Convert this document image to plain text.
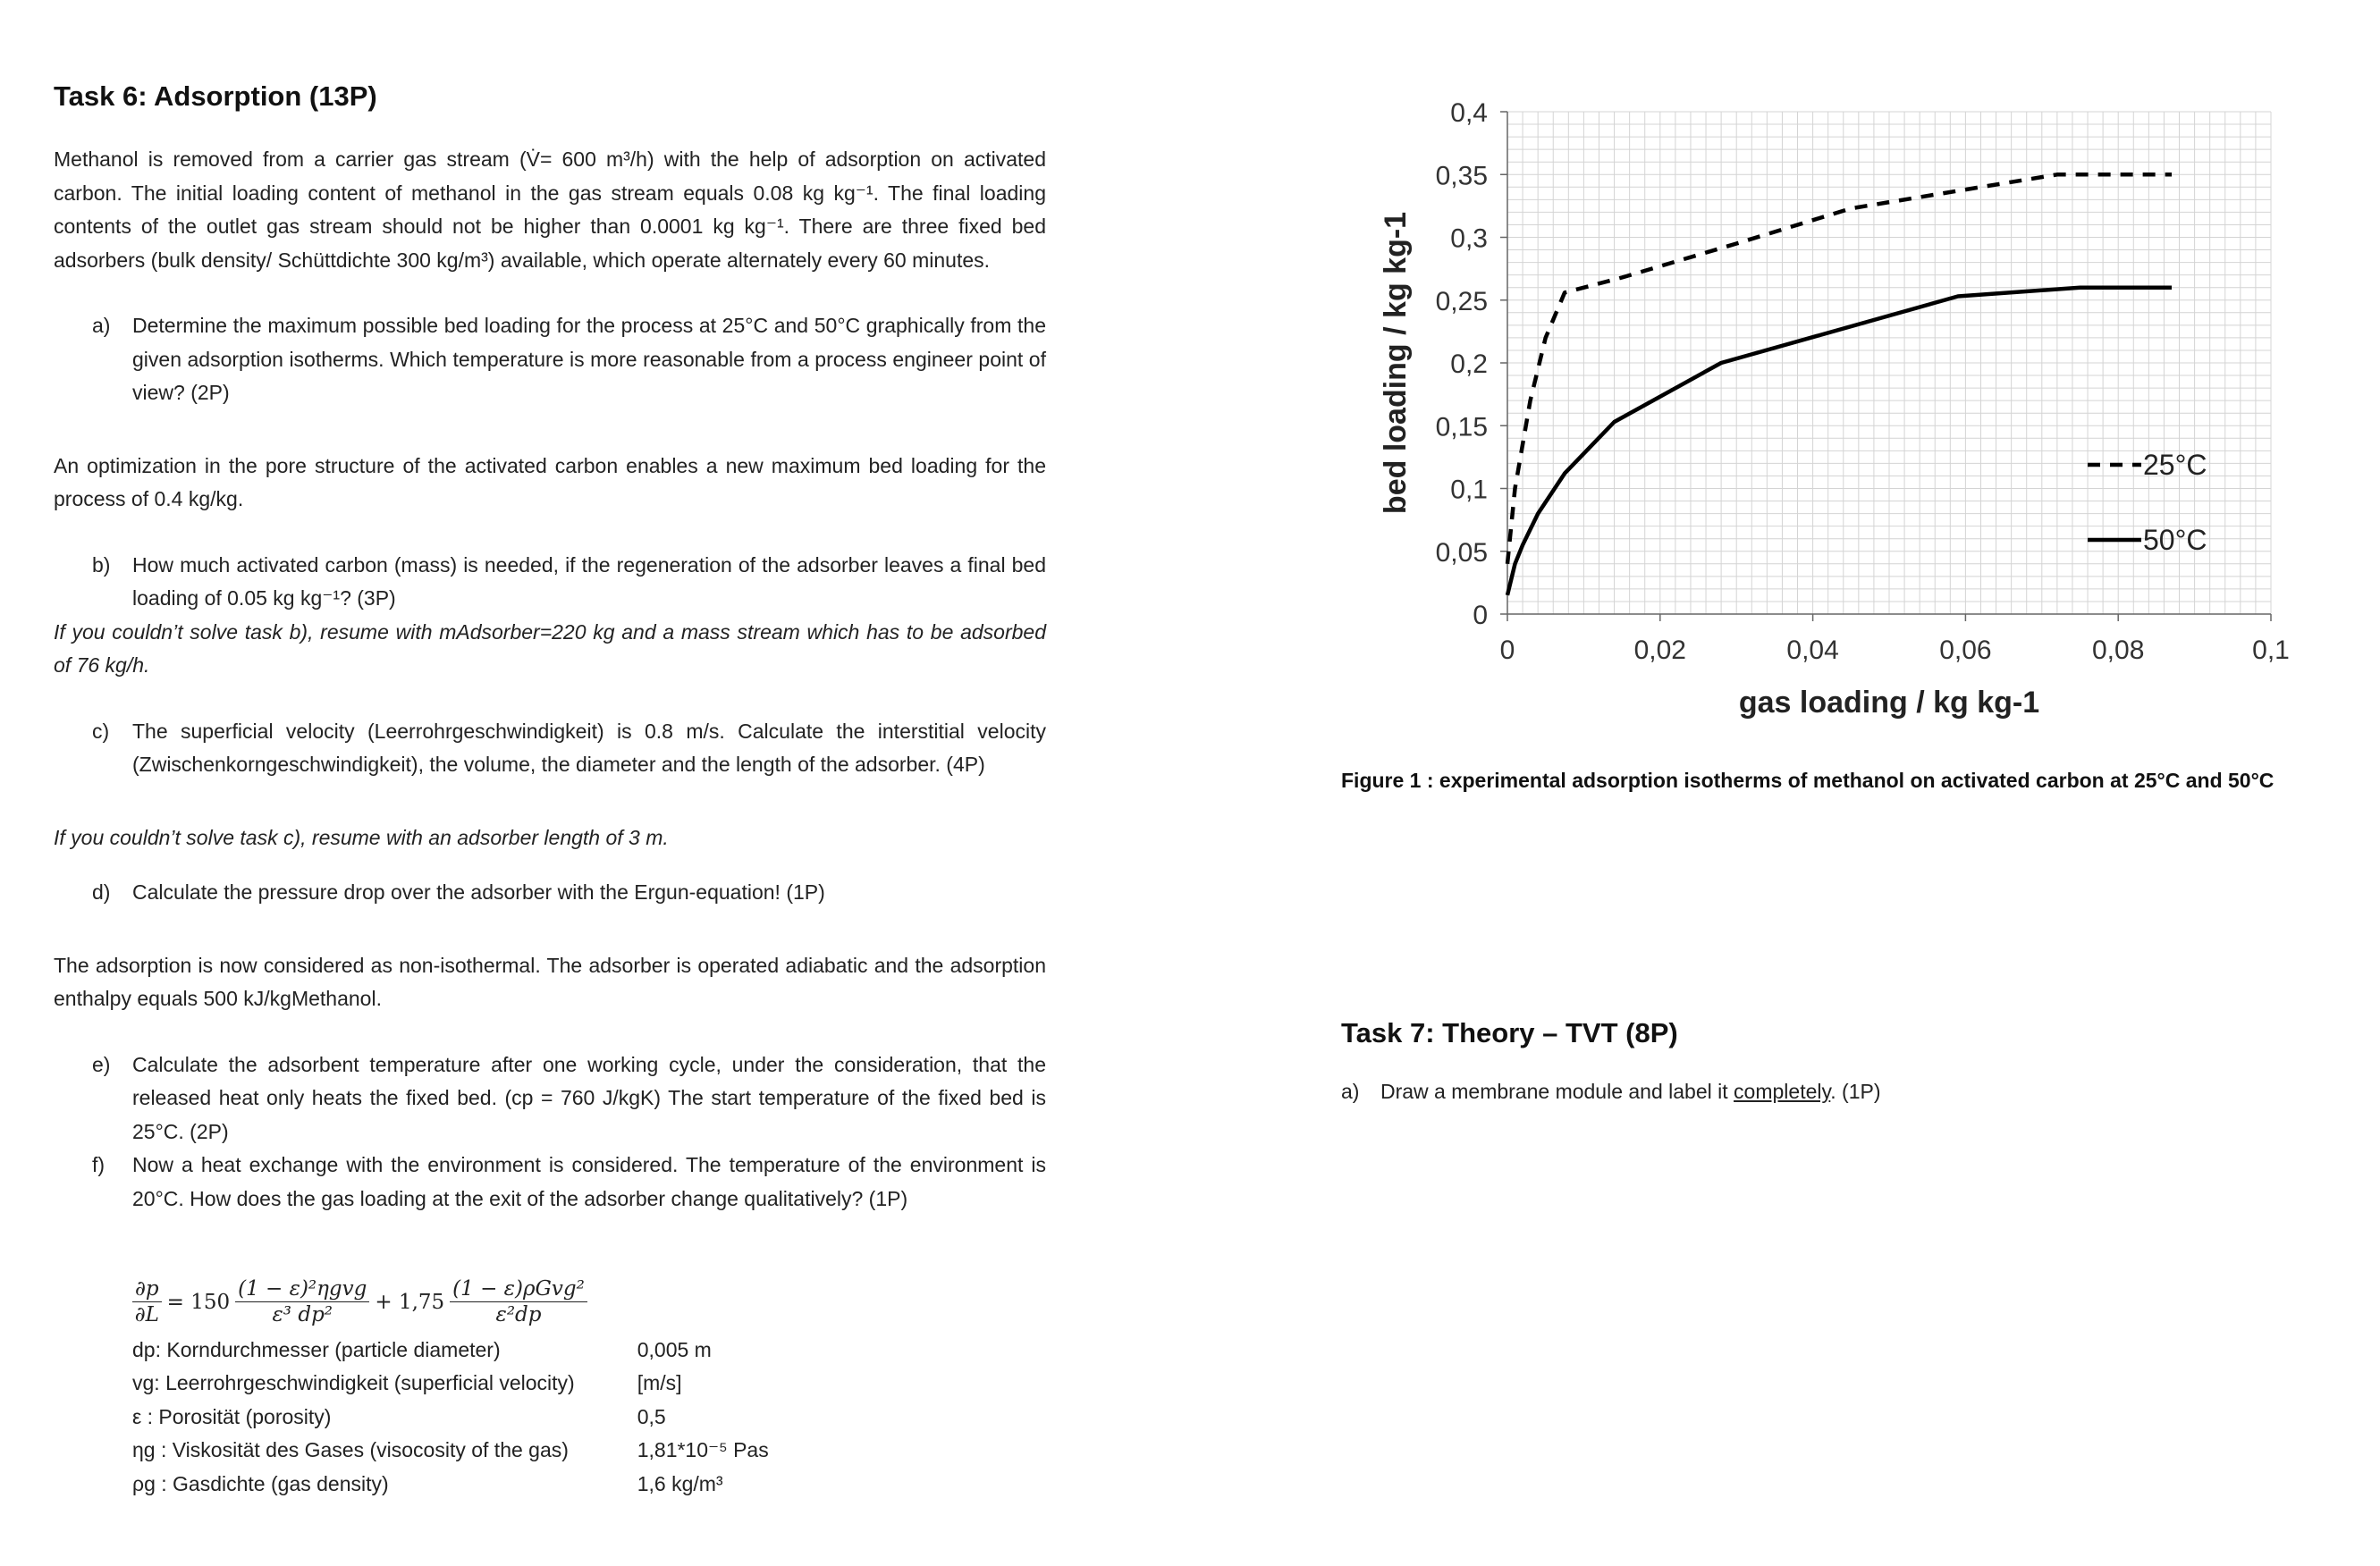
Task 6: Adsorption (13P)

Methanol is removed from a carrier gas stream (V̇= 600 m³/h) with the help of adsorption on activated carbon. The initial loading content of methanol in the gas stream equals 0.08 kg kg⁻¹. The final loading contents of the outlet gas stream should not be higher than 0.0001 kg kg⁻¹. There are three fixed bed adsorbers (bulk density/ Schüttdichte 300 kg/m³) available, which operate alternately every 60 minutes.

a) Determine the maximum possible bed loading for the process at 25°C and 50°C graphically from the given adsorption isotherms. Which temperature is more reasonable from a process engineer point of view? (2P)

An optimization in the pore structure of the activated carbon enables a new maximum bed loading for the process of 0.4 kg/kg.

b) How much activated carbon (mass) is needed, if the regeneration of the adsorber leaves a final bed loading of 0.05 kg kg⁻¹? (3P)

If you couldn’t solve task b), resume with mAdsorber=220 kg and a mass stream which has to be adsorbed of 76 kg/h.

c) The superficial velocity (Leerrohrgeschwindigkeit) is 0.8 m/s. Calculate the interstitial velocity (Zwischenkorngeschwindigkeit), the volume, the diameter and the length of the adsorber. (4P)

If you couldn’t solve task c), resume with an adsorber length of 3 m.

d) Calculate the pressure drop over the adsorber with the Ergun-equation! (1P)

The adsorption is now considered as non-isothermal. The adsorber is operated adiabatic and the adsorption enthalpy equals 500 kJ/kgMethanol.

e) Calculate the adsorbent temperature after one working cycle, under the consideration, that the released heat only heats the fixed bed. (cp = 760 J/kgK) The start temperature of the fixed bed is 25°C. (2P)
f) Now a heat exchange with the environment is considered. The temperature of the environment is 20°C. How does the gas loading at the exit of the adsorber change qualitatively? (1P)
$\frac{\partial p}{\partial L} = 150 \frac{\text{(1 − ε)²ηgvg}}{\text{ε³ dp²}} + 1,75 \frac{\text{(1 − ε)ρGvg²}}{\text{ε²dp}}$
dp: Korndurchmesser (particle diameter)	0,005 m
vg: Leerrohrgeschwindigkeit (superficial velocity)	[m/s]
ε : Porosität (porosity)	0,5
ηg : Viskosität des Gases (visocosity of the gas)	1,81*10⁻⁵ Pas
ρg : Gasdichte (gas density)	1,6 kg/m³
0
0,05
0,1
0,15
0,2
0,25
0,3
0,35
0,4
0	0,02	0,04	0,06	0,08	0,1
gas loading / kg kg-1
bed loading / kg kg-1	25°C
50°C
Figure 1 : experimental adsorption isotherms of methanol on activated carbon at 25°C and 50°C
Task 7: Theory – TVT (8P)
a) Draw a membrane module and label it completely. (1P)
